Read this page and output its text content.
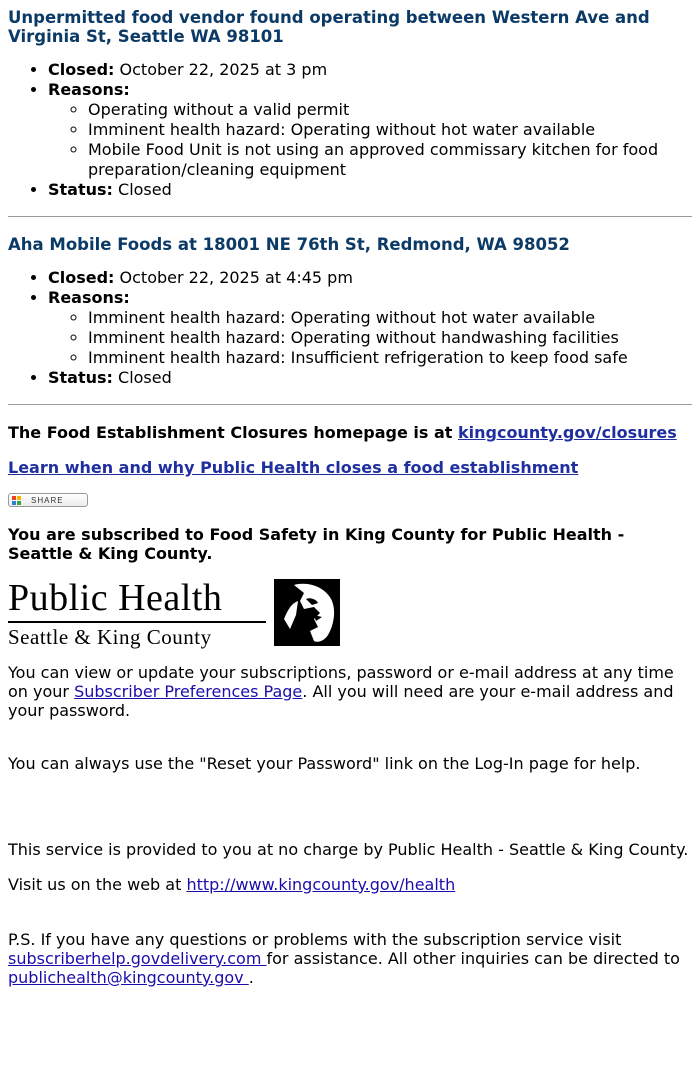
Unpermitted food vendor found operating between Western Ave and Virginia St, Seattle WA 98101
• Closed: October 22, 2025 at 3 pm
• Reasons:
◦ Operating without a valid permit
◦ Imminent health hazard: Operating without hot water available
◦ Mobile Food Unit is not using an approved commissary kitchen for food preparation/cleaning equipment
• Status: Closed
Aha Mobile Foods at 18001 NE 76th St, Redmond, WA 98052
• Closed: October 22, 2025 at 4:45 pm
• Reasons:
◦ Imminent health hazard: Operating without hot water available
◦ Imminent health hazard: Operating without handwashing facilities
◦ Imminent health hazard: Insufficient refrigeration to keep food safe
• Status: Closed

The Food Establishment Closures homepage is at kingcounty.gov/closures

Learn when and why Public Health closes a food establishment

SHARE

You are subscribed to Food Safety in King County for Public Health - Seattle & King County.

Public Health
Seattle & King County

You can view or update your subscriptions, password or e-mail address at any time on your Subscriber Preferences Page. All you will need are your e-mail address and your password.

You can always use the "Reset your Password" link on the Log-In page for help.

This service is provided to you at no charge by Public Health - Seattle & King County.

Visit us on the web at http://www.kingcounty.gov/health

P.S. If you have any questions or problems with the subscription service visit subscriberhelp.govdelivery.com for assistance. All other inquiries can be directed to publichealth@kingcounty.gov .
